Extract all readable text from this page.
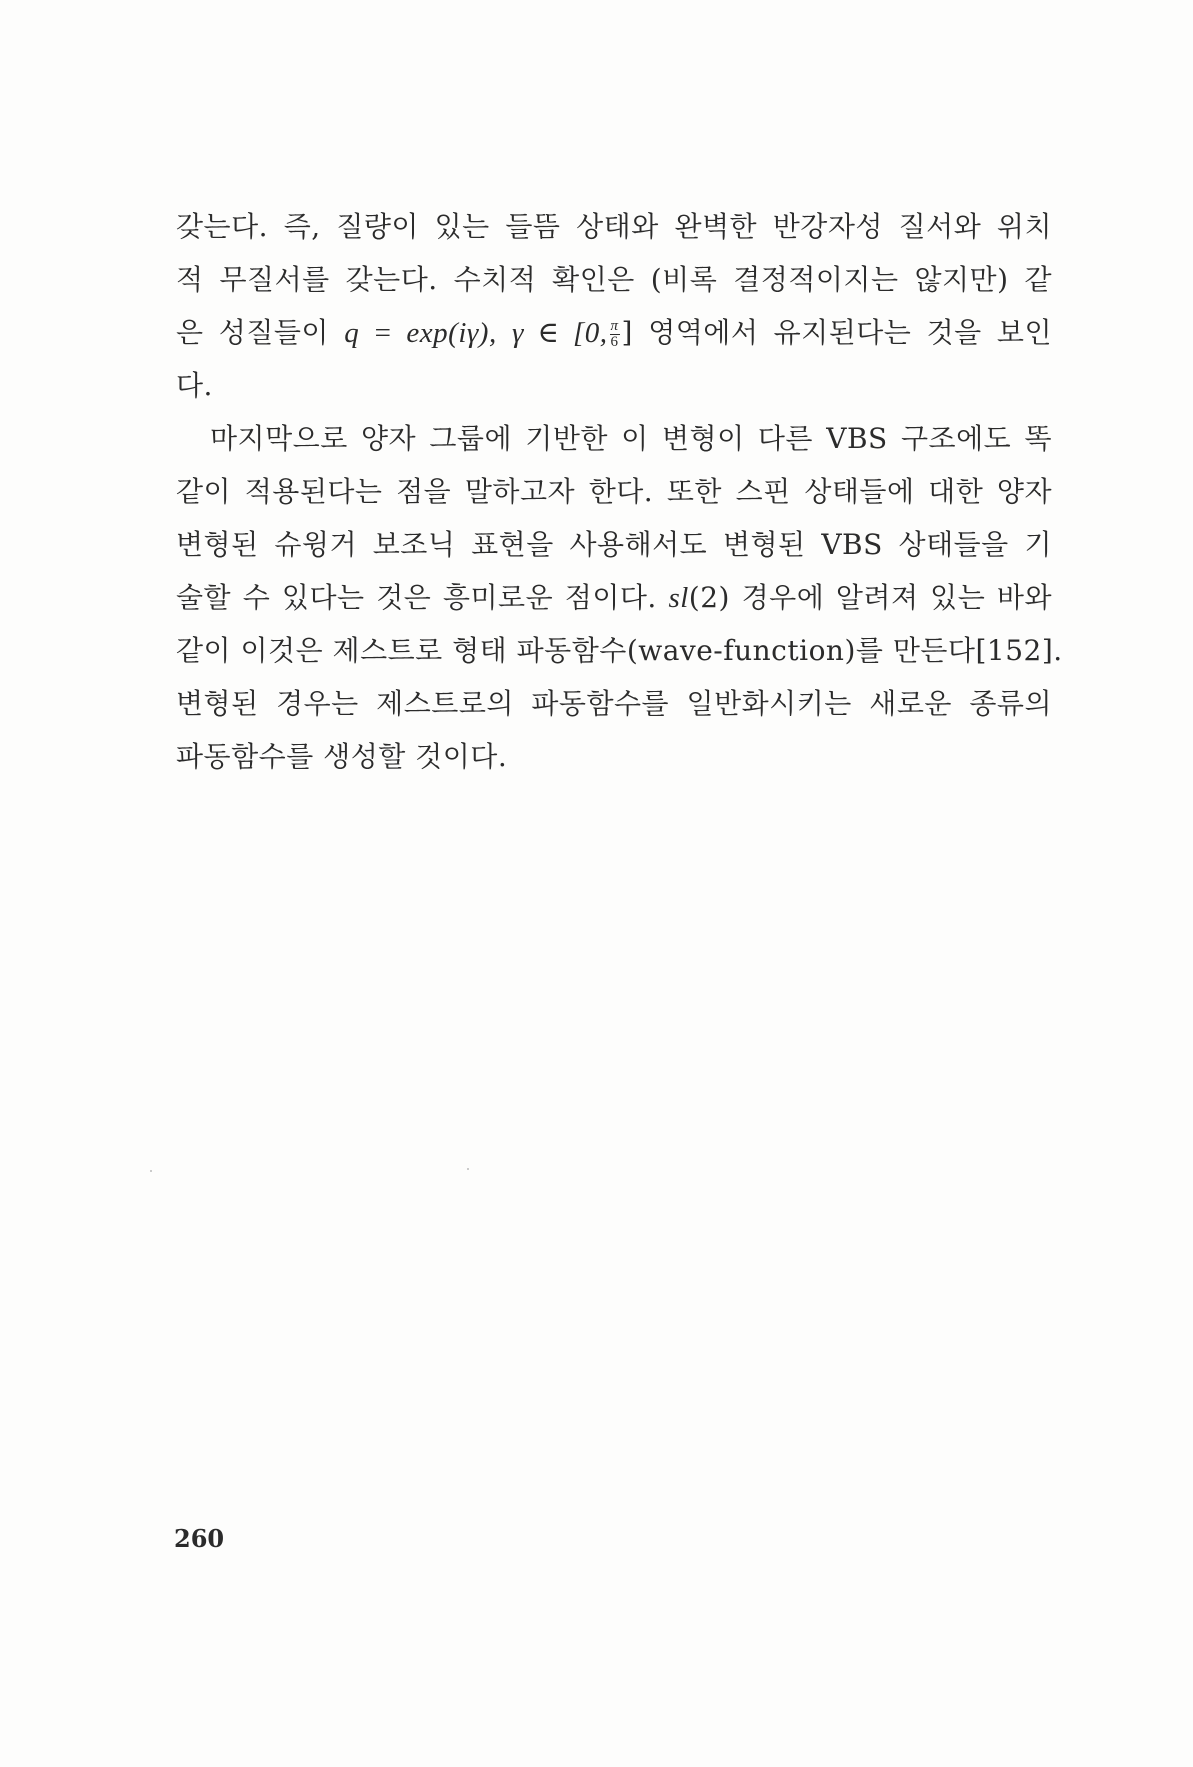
갖는다. 즉, 질량이 있는 들뜸 상태와 완벽한 반강자성 질서와 위치
적 무질서를 갖는다. 수치적 확인은 (비록 결정적이지는 않지만) 같
은 성질들이 q = exp(iγ), γ ∈ [0, $\frac{\pi}{6}$ ] 영역에서 유지된다는 것을 보인
다.
마지막으로 양자 그룹에 기반한 이 변형이 다른 VBS 구조에도 똑
같이 적용된다는 점을 말하고자 한다. 또한 스핀 상태들에 대한 양자
변형된 슈윙거 보조닉 표현을 사용해서도 변형된 VBS 상태들을 기
술할 수 있다는 것은 흥미로운 점이다. sl(2) 경우에 알려져 있는 바와
같이 이것은 제스트로 형태 파동함수(wave-function)를 만든다[152].
변형된 경우는 제스트로의 파동함수를 일반화시키는 새로운 종류의
파동함수를 생성할 것이다.
260
